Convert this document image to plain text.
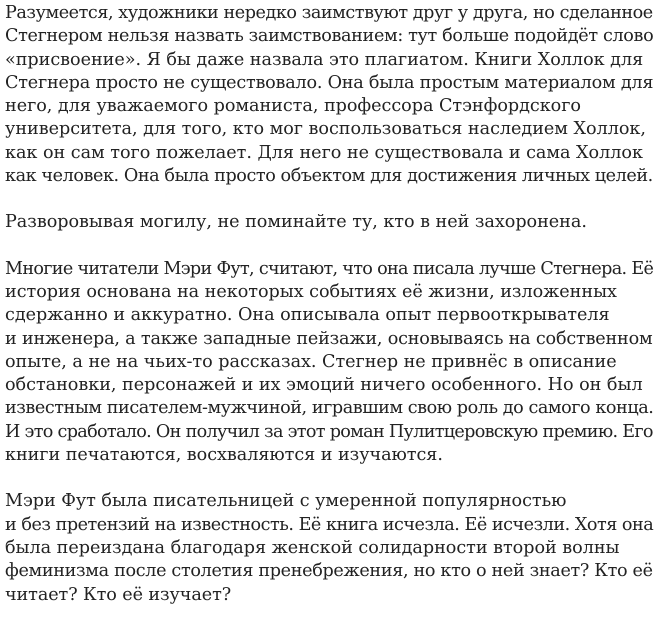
Разумеется, художники нередко заимствуют друг у друга, но сделанное
Стегнером нельзя назвать заимствованием: тут больше подойдёт слово
«присвоение». Я бы даже назвала это плагиатом. Книги Холлок для
Стегнера просто не существовало. Она была простым материалом для
него, для уважаемого романиста, профессора Стэнфордского
университета, для того, кто мог воспользоваться наследием Холлок,
как он сам того пожелает. Для него не существовала и сама Холлок
как человек. Она была просто объектом для достижения личных целей.

Разворовывая могилу, не поминайте ту, кто в ней захоронена.

Многие читатели Мэри Фут, считают, что она писала лучше Стегнера. Её
история основана на некоторых событиях её жизни, изложенных
сдержанно и аккуратно. Она описывала опыт первооткрывателя
и инженера, а также западные пейзажи, основываясь на собственном
опыте, а не на чьих-то рассказах. Стегнер не привнёс в описание
обстановки, персонажей и их эмоций ничего особенного. Но он был
известным писателем-мужчиной, игравшим свою роль до самого конца.
И это сработало. Он получил за этот роман Пулитцеровскую премию. Его
книги печатаются, восхваляются и изучаются.

Мэри Фут была писательницей с умеренной популярностью
и без претензий на известность. Её книга исчезла. Её исчезли. Хотя она
была переиздана благодаря женской солидарности второй волны
феминизма после столетия пренебрежения, но кто о ней знает? Кто её
читает? Кто её изучает?
